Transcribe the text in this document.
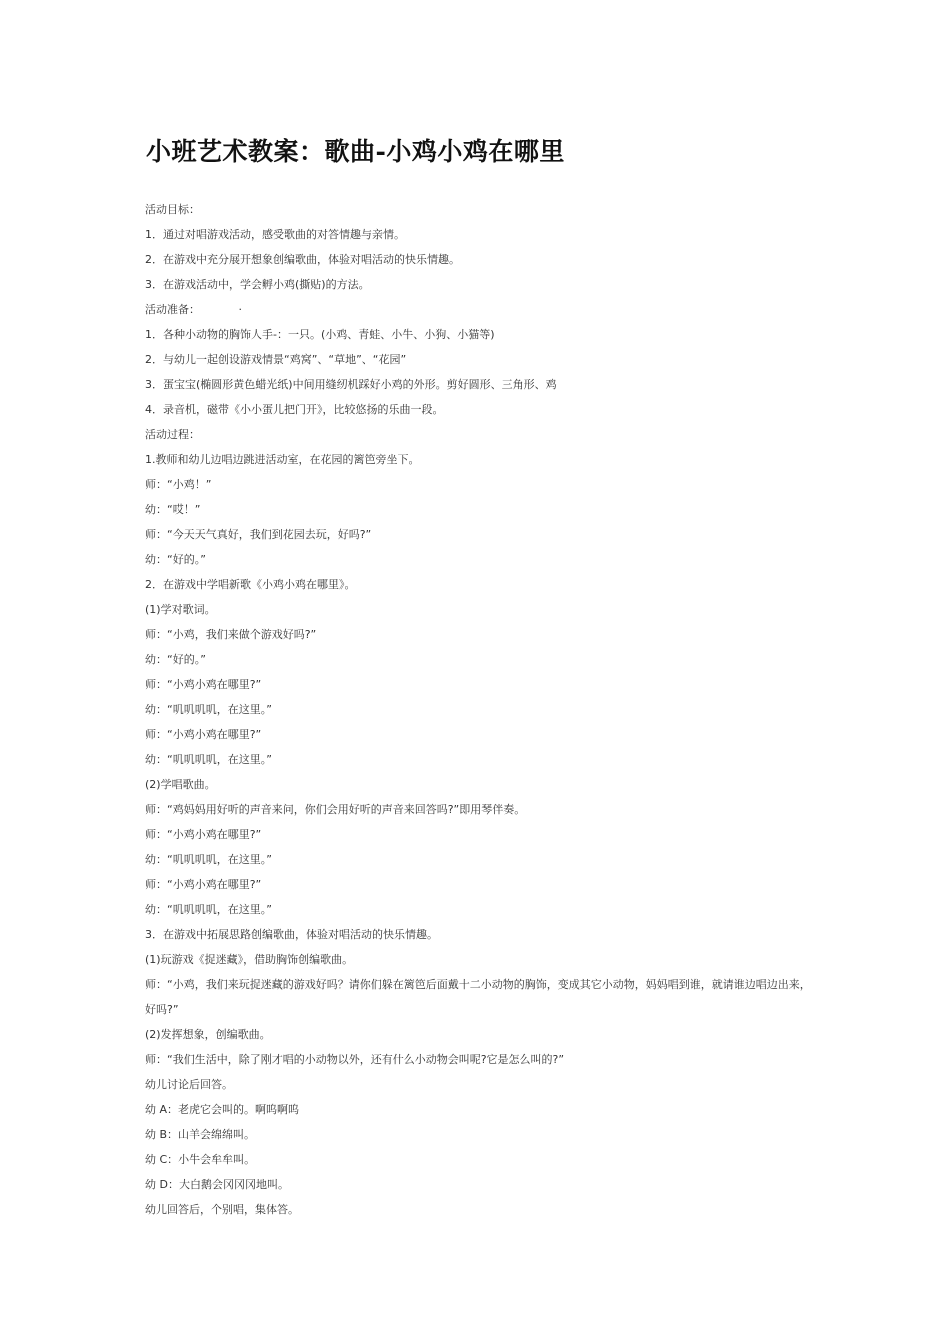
小班艺术教案：歌曲-小鸡小鸡在哪里
活动目标：
1．通过对唱游戏活动，感受歌曲的对答情趣与亲情。
2．在游戏中充分展开想象创编歌曲，体验对唱活动的快乐情趣。
3．在游戏活动中，学会孵小鸡(撕贴)的方法。
活动准备：　　　　·
1．各种小动物的胸饰人手-：一只。(小鸡、青蛙、小牛、小狗、小猫等)
2．与幼儿一起创设游戏情景“鸡窝”、“草地”、“花园”
3．蛋宝宝(椭圆形黄色蜡光纸)中间用缝纫机踩好小鸡的外形。剪好圆形、三角形、鸡
4．录音机，磁带《小小蛋儿把门开》，比较悠扬的乐曲一段。
活动过程：
1.教师和幼儿边唱边跳进活动室，在花园的篱笆旁坐下。
师：“小鸡！”
幼：“哎！”
师：“今天天气真好，我们到花园去玩，好吗?”
幼：“好的。”
2．在游戏中学唱新歌《小鸡小鸡在哪里》。
(1)学对歌词。
师：“小鸡，我们来做个游戏好吗?”
幼：“好的。”
师：“小鸡小鸡在哪里?”
幼：“叽叽叽叽，在这里。”
师：“小鸡小鸡在哪里?”
幼：“叽叽叽叽，在这里。”
(2)学唱歌曲。
师：“鸡妈妈用好听的声音来问，你们会用好听的声音来回答吗?”即用琴伴奏。
师：“小鸡小鸡在哪里?”
幼：“叽叽叽叽，在这里。”
师：“小鸡小鸡在哪里?”
幼：“叽叽叽叽，在这里。”
3．在游戏中拓展思路创编歌曲，体验对唱活动的快乐情趣。
(1)玩游戏《捉迷藏》，借助胸饰创编歌曲。
师：“小鸡，我们来玩捉迷藏的游戏好吗？请你们躲在篱笆后面戴十二小动物的胸饰，变成其它小动物，妈妈唱到谁，就请谁边唱边出来，好吗?”
(2)发挥想象，创编歌曲。
师：“我们生活中，除了刚才唱的小动物以外，还有什么小动物会叫呢?它是怎么叫的?”
幼儿讨论后回答。
幼 A：老虎它会叫的。啊呜啊呜
幼 B：山羊会绵绵叫。
幼 C：小牛会牟牟叫。
幼 D：大白鹅会冈冈冈地叫。
幼儿回答后，个别唱，集体答。
